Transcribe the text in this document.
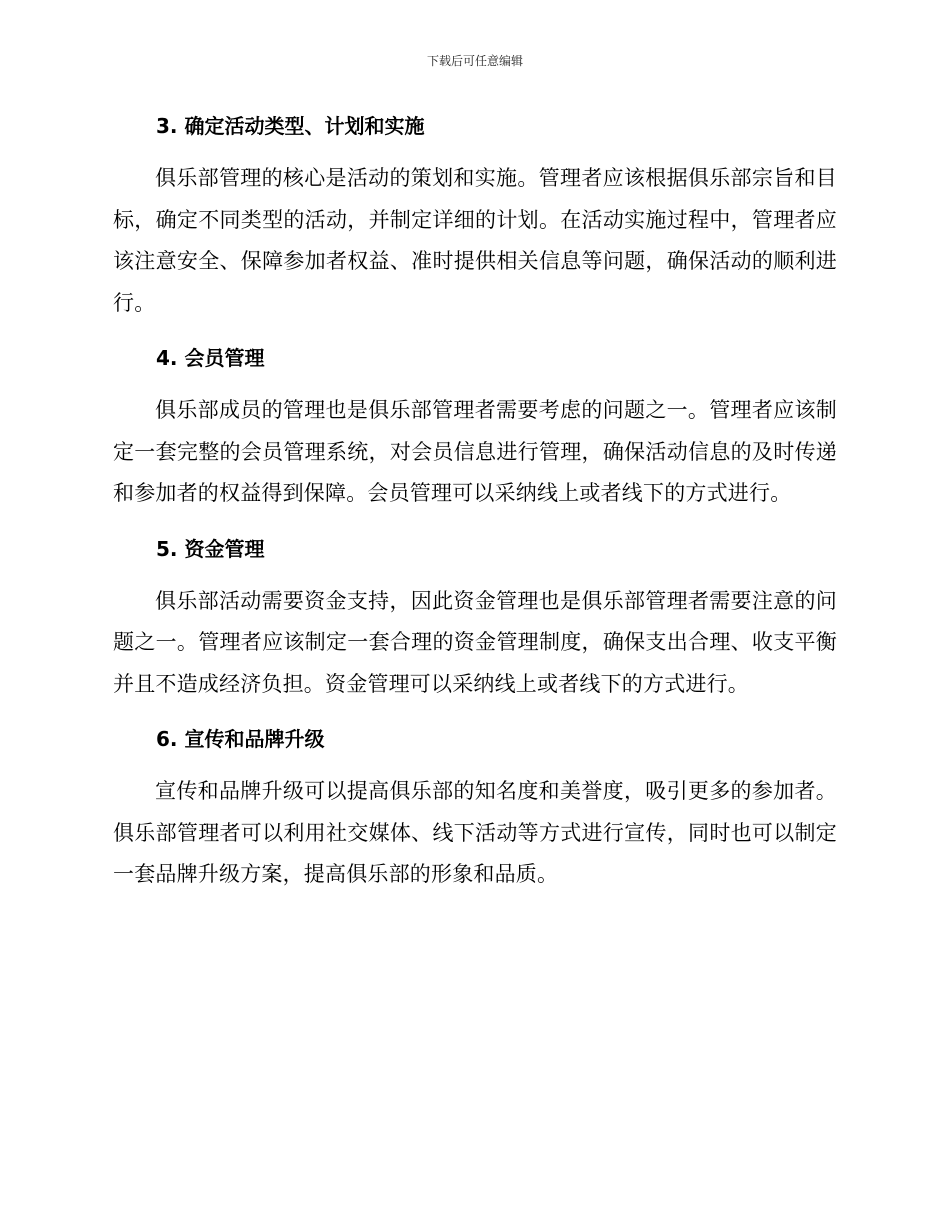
下载后可任意编辑
3. 确定活动类型、计划和实施

俱乐部管理的核心是活动的策划和实施。管理者应该根据俱乐部宗旨和目标，确定不同类型的活动，并制定详细的计划。在活动实施过程中，管理者应该注意安全、保障参加者权益、准时提供相关信息等问题，确保活动的顺利进行。

4. 会员管理

俱乐部成员的管理也是俱乐部管理者需要考虑的问题之一。管理者应该制定一套完整的会员管理系统，对会员信息进行管理，确保活动信息的及时传递和参加者的权益得到保障。会员管理可以采纳线上或者线下的方式进行。

5. 资金管理

俱乐部活动需要资金支持，因此资金管理也是俱乐部管理者需要注意的问题之一。管理者应该制定一套合理的资金管理制度，确保支出合理、收支平衡并且不造成经济负担。资金管理可以采纳线上或者线下的方式进行。

6. 宣传和品牌升级

宣传和品牌升级可以提高俱乐部的知名度和美誉度，吸引更多的参加者。俱乐部管理者可以利用社交媒体、线下活动等方式进行宣传，同时也可以制定一套品牌升级方案，提高俱乐部的形象和品质。
